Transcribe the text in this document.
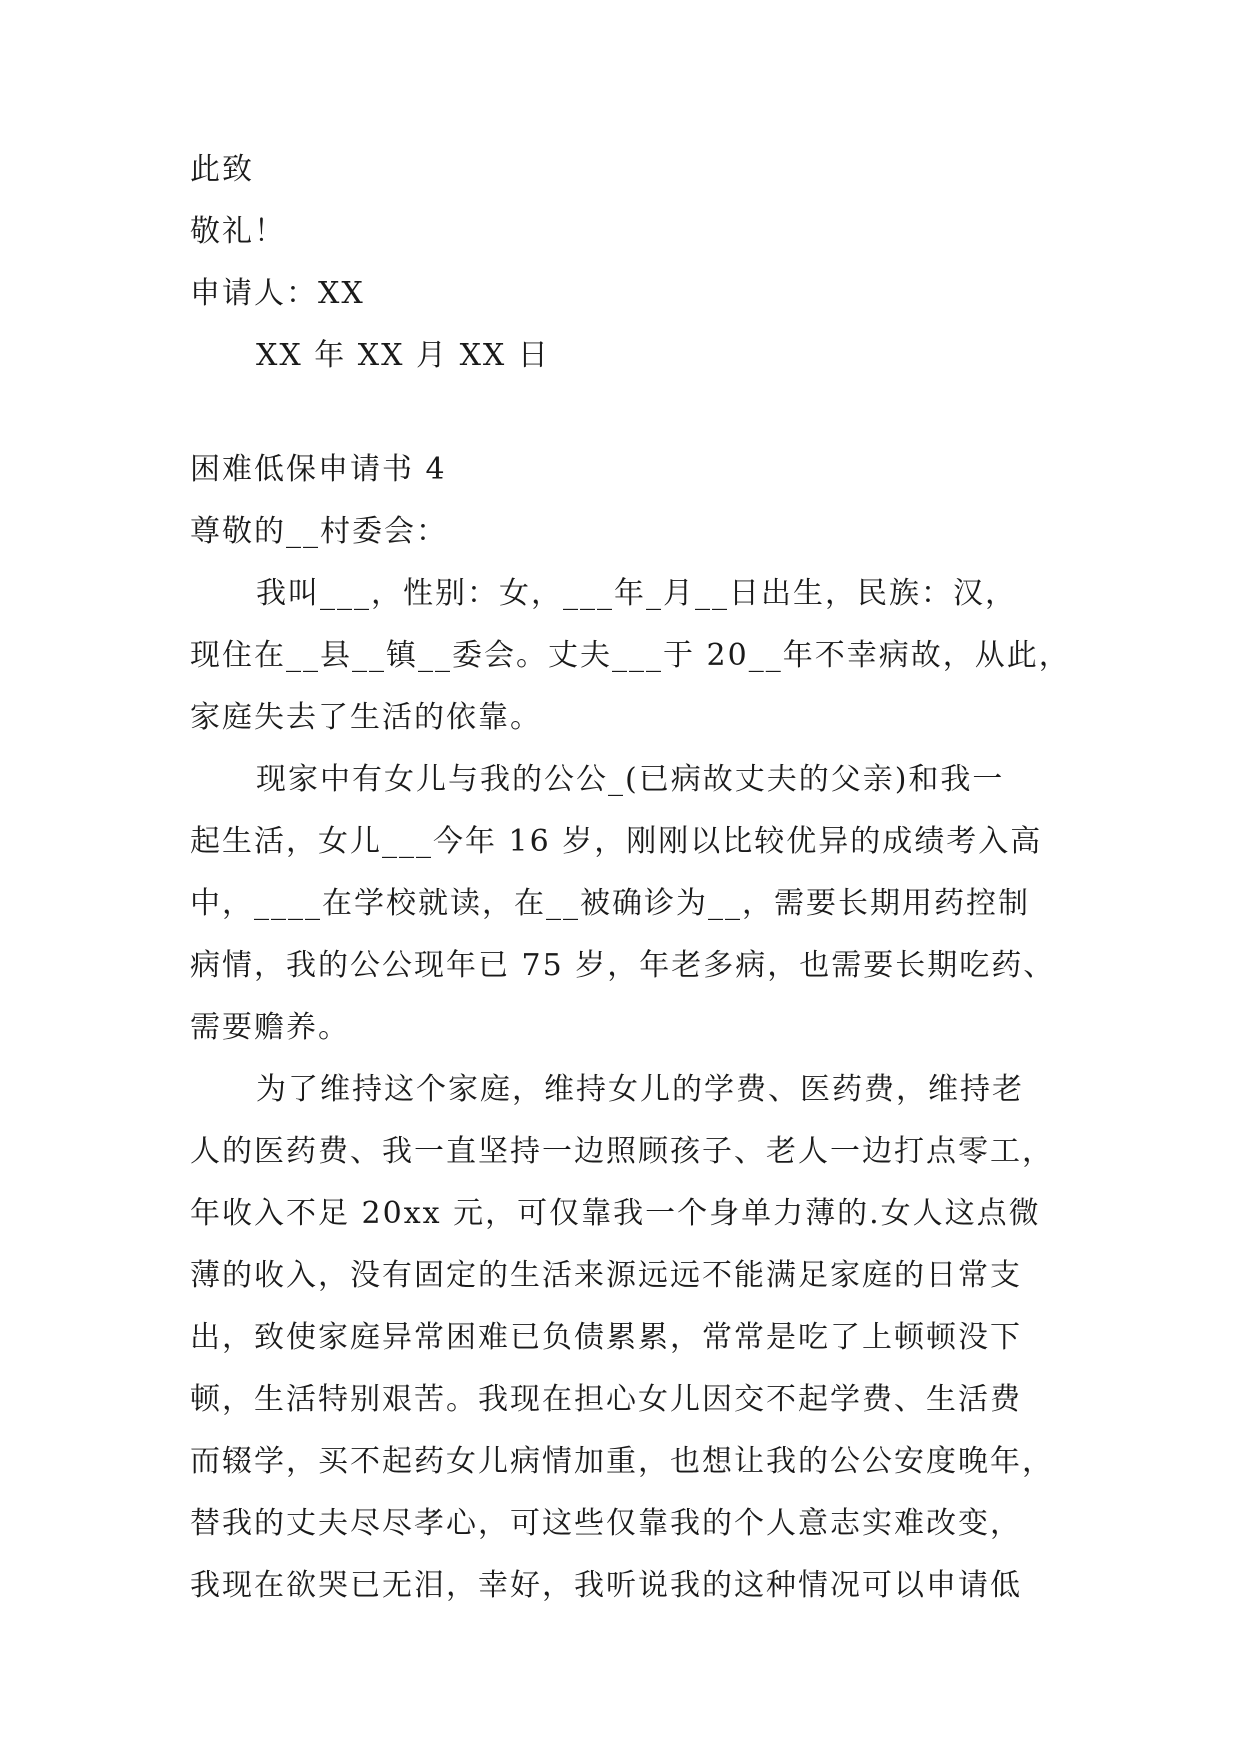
此致
敬礼！
申请人：XX
XX 年 XX 月 XX 日
困难低保申请书 4
尊敬的__村委会：
我叫___，性别：女，___年_月__日出生，民族：汉，
现住在__县__镇__委会。丈夫___于 20__年不幸病故，从此，
家庭失去了生活的依靠。
现家中有女儿与我的公公_(已病故丈夫的父亲)和我一
起生活，女儿___今年 16 岁，刚刚以比较优异的成绩考入高
中，____在学校就读，在__被确诊为__，需要长期用药控制
病情，我的公公现年已 75 岁，年老多病，也需要长期吃药、
需要赡养。
为了维持这个家庭，维持女儿的学费、医药费，维持老
人的医药费、我一直坚持一边照顾孩子、老人一边打点零工，
年收入不足 20xx 元，可仅靠我一个身单力薄的.女人这点微
薄的收入，没有固定的生活来源远远不能满足家庭的日常支
出，致使家庭异常困难已负债累累，常常是吃了上顿顿没下
顿，生活特别艰苦。我现在担心女儿因交不起学费、生活费
而辍学，买不起药女儿病情加重，也想让我的公公安度晚年，
替我的丈夫尽尽孝心，可这些仅靠我的个人意志实难改变，
我现在欲哭已无泪，幸好，我听说我的这种情况可以申请低
